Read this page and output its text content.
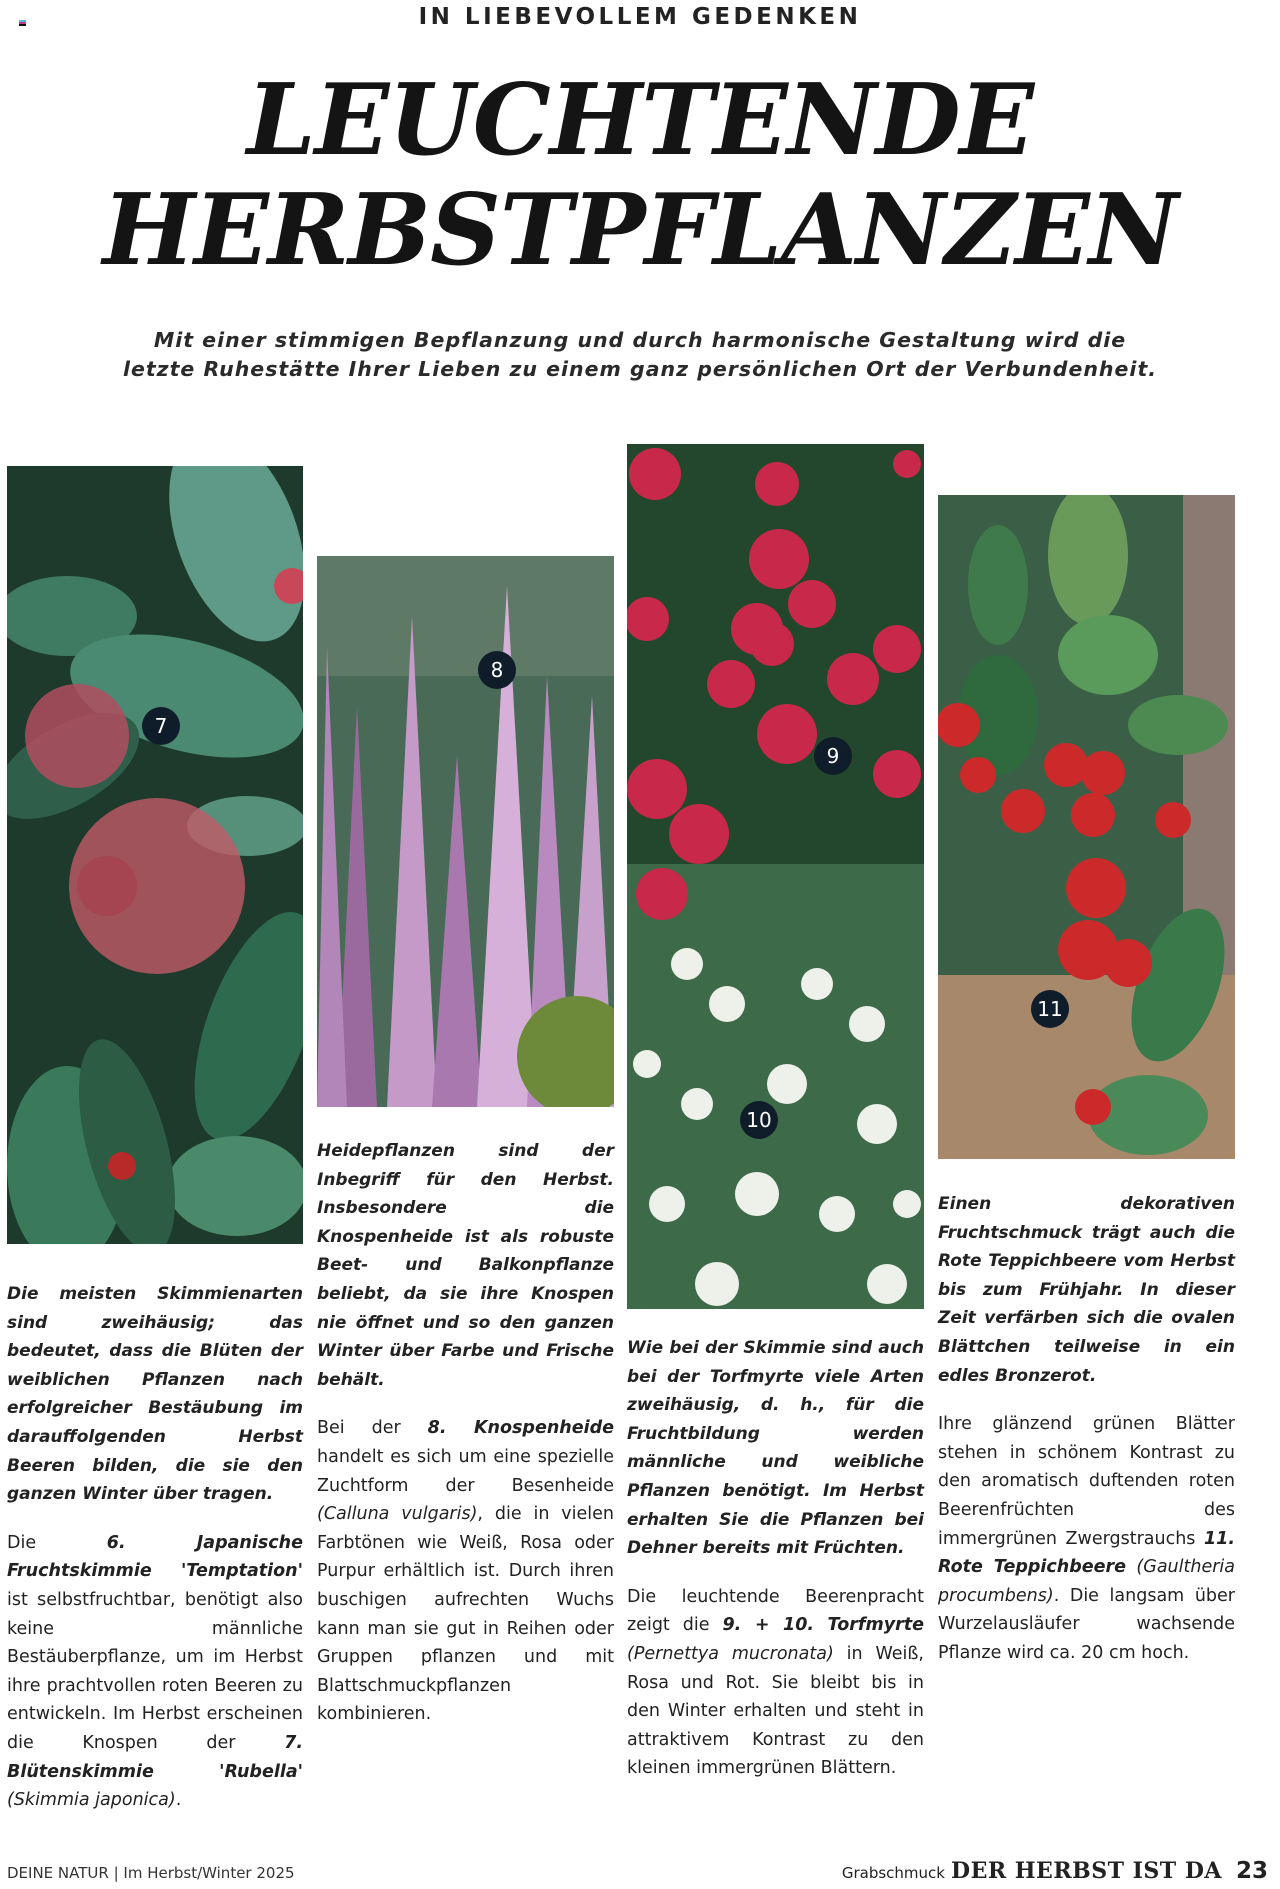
IN LIEBEVOLLEM GEDENKEN
LEUCHTENDE
HERBSTPFLANZEN
Mit einer stimmigen Bepflanzung und durch harmonische Gestaltung wird die
letzte Ruhestätte Ihrer Lieben zu einem ganz persönlichen Ort der Verbundenheit.
7
8
9
10
11

Die meisten Skimmienarten sind zweihäusig; das bedeutet, dass die Blüten der weiblichen Pflanzen nach erfolgreicher Bestäubung im darauffolgenden Herbst Beeren bilden, die sie den ganzen Winter über tragen.

Die 6. Japanische Fruchtskimmie 'Temptation' ist selbstfruchtbar, benötigt also keine männliche Bestäuberpflanze, um im Herbst ihre prachtvollen roten Beeren zu entwickeln. Im Herbst erscheinen die Knospen der 7. Blütenskimmie 'Rubella' (Skimmia japonica).

Heidepflanzen sind der Inbegriff für den Herbst. Insbesondere die Knospenheide ist als robuste Beet- und Balkonpflanze beliebt, da sie ihre Knospen nie öffnet und so den ganzen Winter über Farbe und Frische behält.

Bei der 8. Knospenheide handelt es sich um eine spezielle Zuchtform der Besenheide (Calluna vulgaris), die in vielen Farbtönen wie Weiß, Rosa oder Purpur erhältlich ist. Durch ihren buschigen aufrechten Wuchs kann man sie gut in Reihen oder Gruppen pflanzen und mit Blattschmuckpflanzen kombinieren.

Wie bei der Skimmie sind auch bei der Torfmyrte viele Arten zweihäusig, d. h., für die Fruchtbildung werden männliche und weibliche Pflanzen benötigt. Im Herbst erhalten Sie die Pflanzen bei Dehner bereits mit Früchten.

Die leuchtende Beerenpracht zeigt die 9. + 10. Torfmyrte (Pernettya mucronata) in Weiß, Rosa und Rot. Sie bleibt bis in den Winter erhalten und steht in attraktivem Kontrast zu den kleinen immergrünen Blättern.

Einen dekorativen Fruchtschmuck trägt auch die Rote Teppichbeere vom Herbst bis zum Frühjahr. In dieser Zeit verfärben sich die ovalen Blättchen teilweise in ein edles Bronzerot.

Ihre glänzend grünen Blätter stehen in schönem Kontrast zu den aromatisch duftenden roten Beerenfrüchten des immergrünen Zwergstrauchs 11. Rote Teppichbeere (Gaultheria procumbens). Die langsam über Wurzelausläufer wachsende Pflanze wird ca. 20 cm hoch.

DEINE NATUR | Im Herbst/Winter 2025	Grabschmuck DER HERBST IST DA 23
